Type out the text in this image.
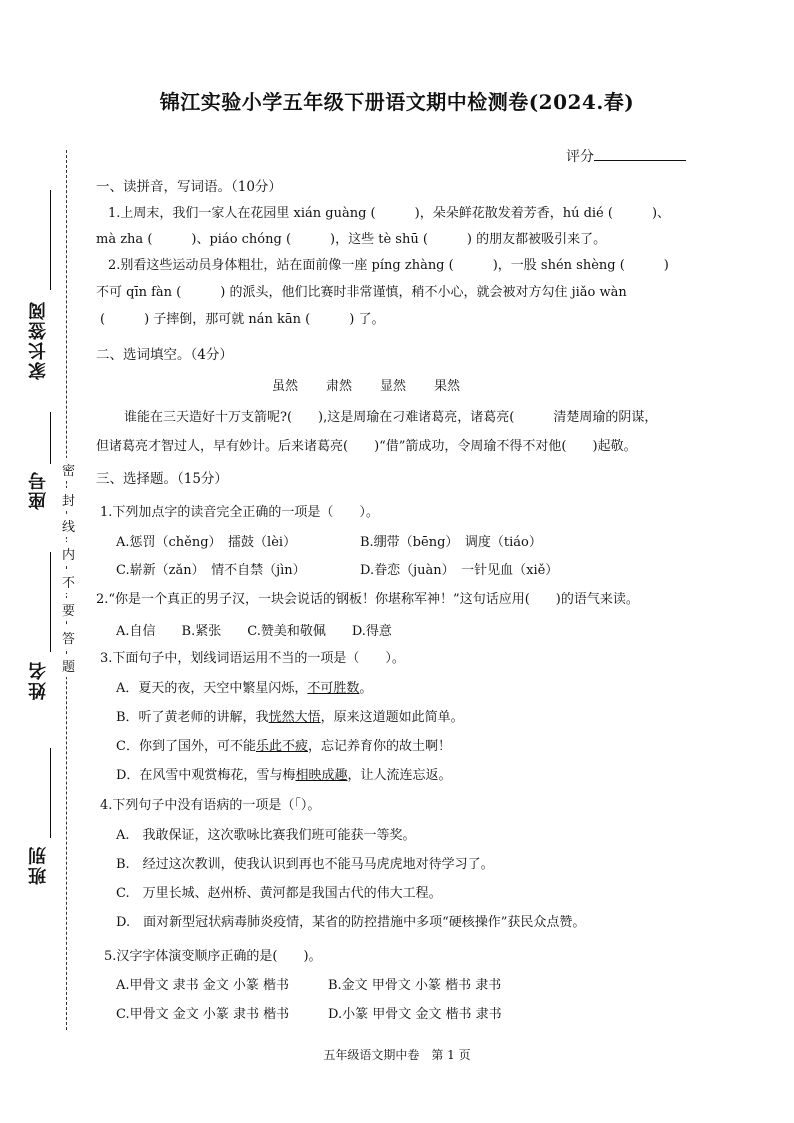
锦江实验小学五年级下册语文期中检测卷(2024.春)
评分
家长签阅
座号
姓名
班别
密
封
线
内
不
要
答
题
一、读拼音，写词语。（10分）
1.上周末，我们一家人在花园里 xián guàng (　　　)，朵朵鲜花散发着芳香，hú dié (　　　)、
mà zha (　　　)、piáo chóng (　　　)，这些 tè shū (　　　) 的朋友都被吸引来了。
2.别看这些运动员身体粗壮，站在面前像一座 píng zhàng (　　　)，一股 shén shèng (　　　)
不可 qīn fàn (　　　) 的派头，他们比赛时非常谨慎，稍不小心，就会被对方勾住 jiǎo wàn
(　　　) 子摔倒，那可就 nán kān (　　　) 了。
二、选词填空。（4分）
虽然 肃然 显然 果然
谁能在三天造好十万支箭呢?(　　),这是周瑜在刁难诸葛亮，诸葛亮(　　　清楚周瑜的阴谋，
但诸葛亮才智过人，早有妙计。后来诸葛亮(　　)“借”箭成功，令周瑜不得不对他(　　)起敬。
三、选择题。（15分）
1.下列加点字的读音完全正确的一项是（　　）。
A.惩罚（chěng）　擂鼓（lèi）	B.绷带（bēng）　调度（tiáo）
C.崭新（zǎn）　情不自禁（jìn）	D.眷恋（juàn）　一针见血（xiě）
2.“你是一个真正的男子汉，一块会说话的钢板！你堪称军神！”这句话应用(　　)的语气来读。
A.自信　　B.紧张　　C.赞美和敬佩　　D.得意
3.下面句子中，划线词语运用不当的一项是（　　）。
A．夏天的夜，天空中繁星闪烁，不可胜数。
B．听了黄老师的讲解，我恍然大悟，原来这道题如此简单。
C．你到了国外，可不能乐此不疲，忘记养育你的故土啊！
D．在风雪中观赏梅花，雪与梅相映成趣，让人流连忘返。
4.下列句子中没有语病的一项是（「）。
A.　我敢保证，这次歌咏比赛我们班可能获一等奖。
B.　经过这次教训，使我认识到再也不能马马虎虎地对待学习了。
C.　万里长城、赵州桥、黄河都是我国古代的伟大工程。
D.　面对新型冠状病毒肺炎疫情，某省的防控措施中多项“硬核操作”获民众点赞。
5.汉字字体演变顺序正确的是(　　)。
A.甲骨文 隶书 金文 小篆 楷书	B.金文 甲骨文 小篆 楷书 隶书
C.甲骨文 金文 小篆 隶书 楷书	D.小篆 甲骨文 金文 楷书 隶书
五年级语文期中卷　第 1 页
